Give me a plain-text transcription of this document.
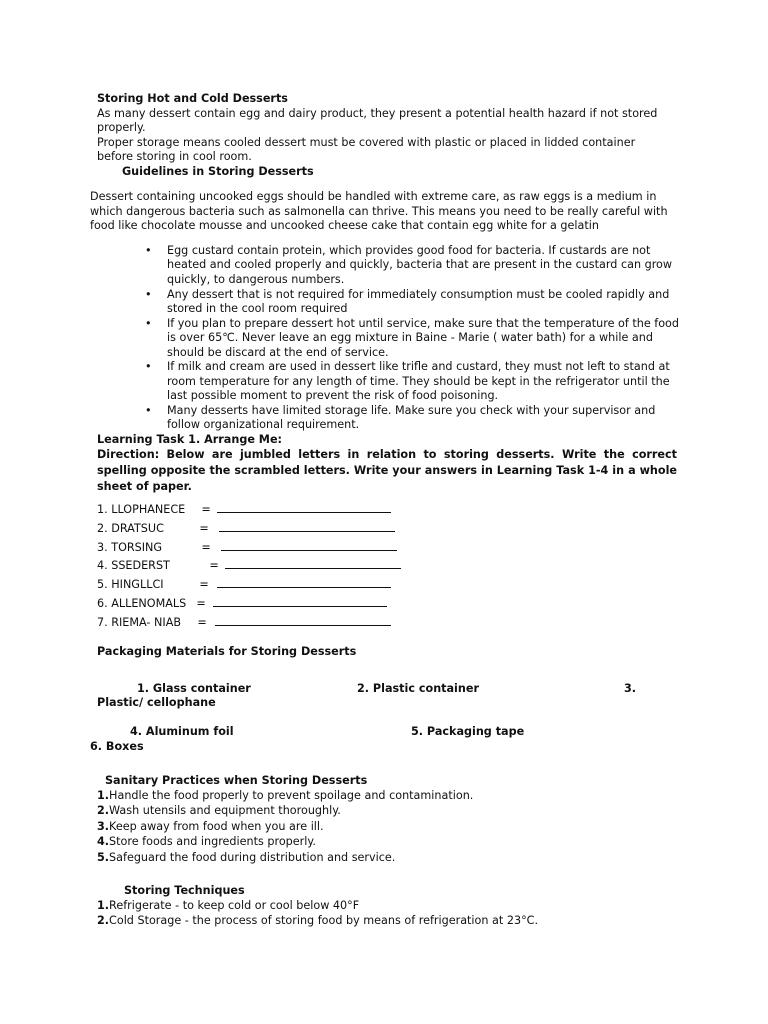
Storing Hot and Cold Desserts
As many dessert contain egg and dairy product, they present a potential health hazard if not stored
properly.
Proper storage means cooled dessert must be covered with plastic or placed in lidded container
before storing in cool room.
Guidelines in Storing Desserts
Dessert containing uncooked eggs should be handled with extreme care, as raw eggs is a medium in which dangerous bacteria such as salmonella can thrive. This means you need to be really careful with food like chocolate mousse and uncooked cheese cake that contain egg white for a gelatin
• Egg custard contain protein, which provides good food for bacteria. If custards are not heated and cooled properly and quickly, bacteria that are present in the custard can grow quickly, to dangerous numbers.
• Any dessert that is not required for immediately consumption must be cooled rapidly and stored in the cool room required
• If you plan to prepare dessert hot until service, make sure that the temperature of the food is over 65℃. Never leave an egg mixture in Baine - Marie ( water bath) for a while and should be discard at the end of service.
• If milk and cream are used in dessert like trifle and custard, they must not left to stand at room temperature for any length of time. They should be kept in the refrigerator until the last possible moment to prevent the risk of food poisoning.
• Many desserts have limited storage life. Make sure you check with your supervisor and follow organizational requirement.
Learning Task 1. Arrange Me:
Direction: Below are jumbled letters in relation to storing desserts. Write the correct spelling opposite the scrambled letters. Write your answers in Learning Task 1-4 in a whole sheet of paper.
1. LLOPHANECE =
2. DRATSUC	=
3. TORSING	=
4. SSEDERST	=
5. HINGLLCI	=
6. ALLENOMALS =
7. RIEMA- NIAB =
Packaging Materials for Storing Desserts
1. Glass container	2. Plastic container	3.
Plastic/ cellophane
4. Aluminum foil	5. Packaging tape
6. Boxes
Sanitary Practices when Storing Desserts
1.Handle the food properly to prevent spoilage and contamination.
2.Wash utensils and equipment thoroughly.
3.Keep away from food when you are ill.
4.Store foods and ingredients properly.
5.Safeguard the food during distribution and service.
Storing Techniques
1.Refrigerate - to keep cold or cool below 40°F
2.Cold Storage - the process of storing food by means of refrigeration at 23°C.
